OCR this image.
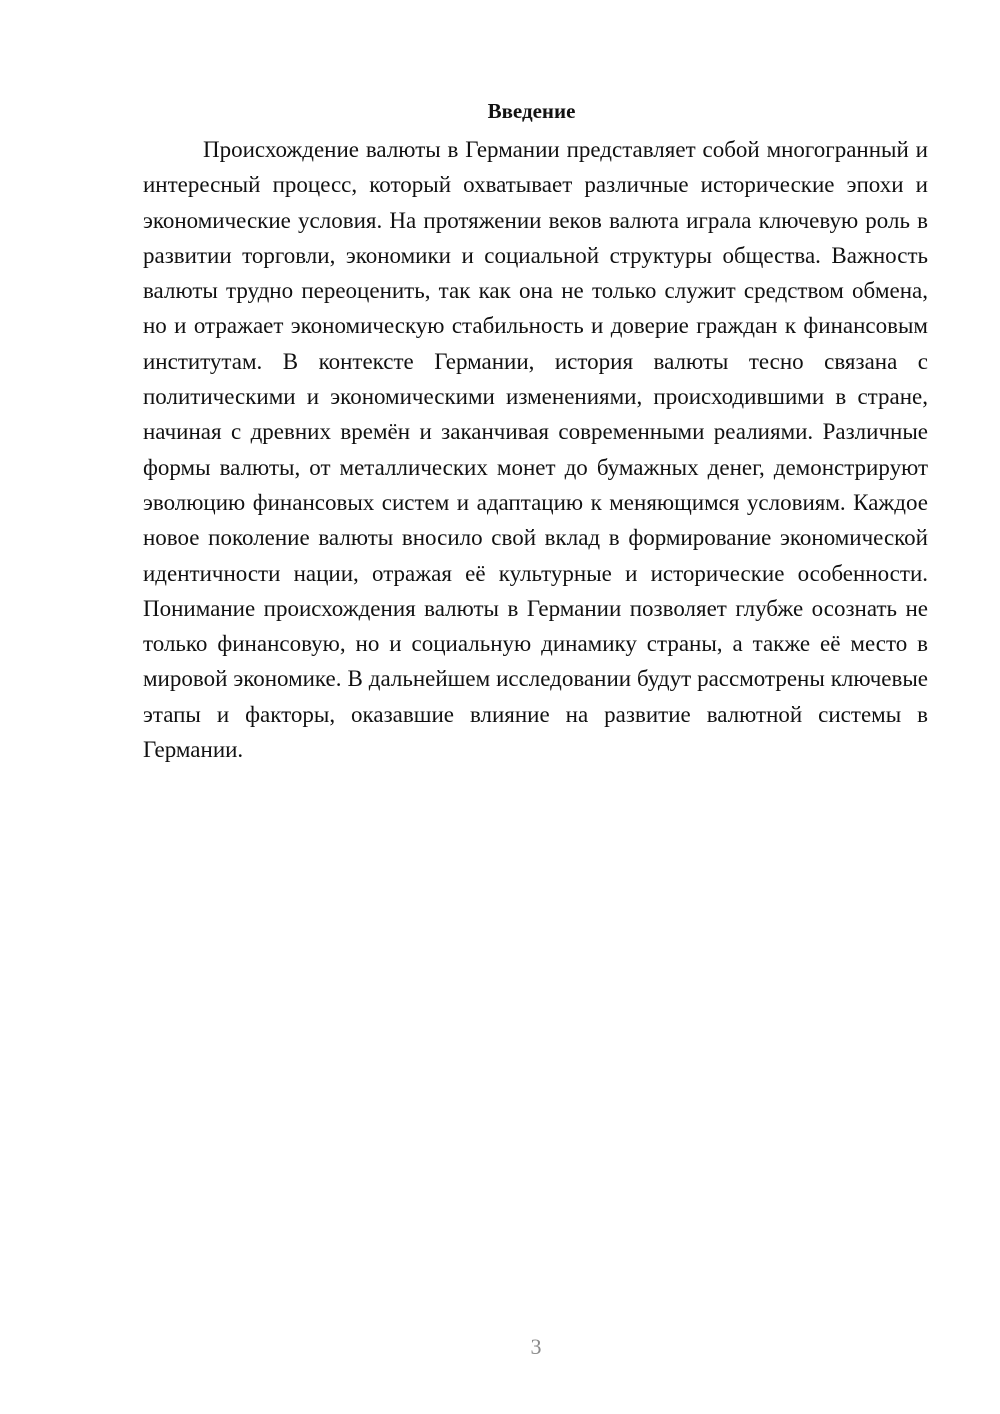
Введение

Происхождение валюты в Германии представляет собой многогранный и интересный процесс, который охватывает различные исторические эпохи и экономические условия. На протяжении веков валюта играла ключевую роль в развитии торговли, экономики и социальной структуры общества. Важность валюты трудно переоценить, так как она не только служит средством обмена, но и отражает экономическую стабильность и доверие граждан к финансовым институтам. В контексте Германии, история валюты тесно связана с политическими и экономическими изменениями, происходившими в стране, начиная с древних времён и заканчивая современными реалиями. Различные формы валюты, от металлических монет до бумажных денег, демонстрируют эволюцию финансовых систем и адаптацию к меняющимся условиям. Каждое новое поколение валюты вносило свой вклад в формирование экономической идентичности нации, отражая её культурные и исторические особенности. Понимание происхождения валюты в Германии позволяет глубже осознать не только финансовую, но и социальную динамику страны, а также её место в мировой экономике. В дальнейшем исследовании будут рассмотрены ключевые этапы и факторы, оказавшие влияние на развитие валютной системы в Германии.

3
